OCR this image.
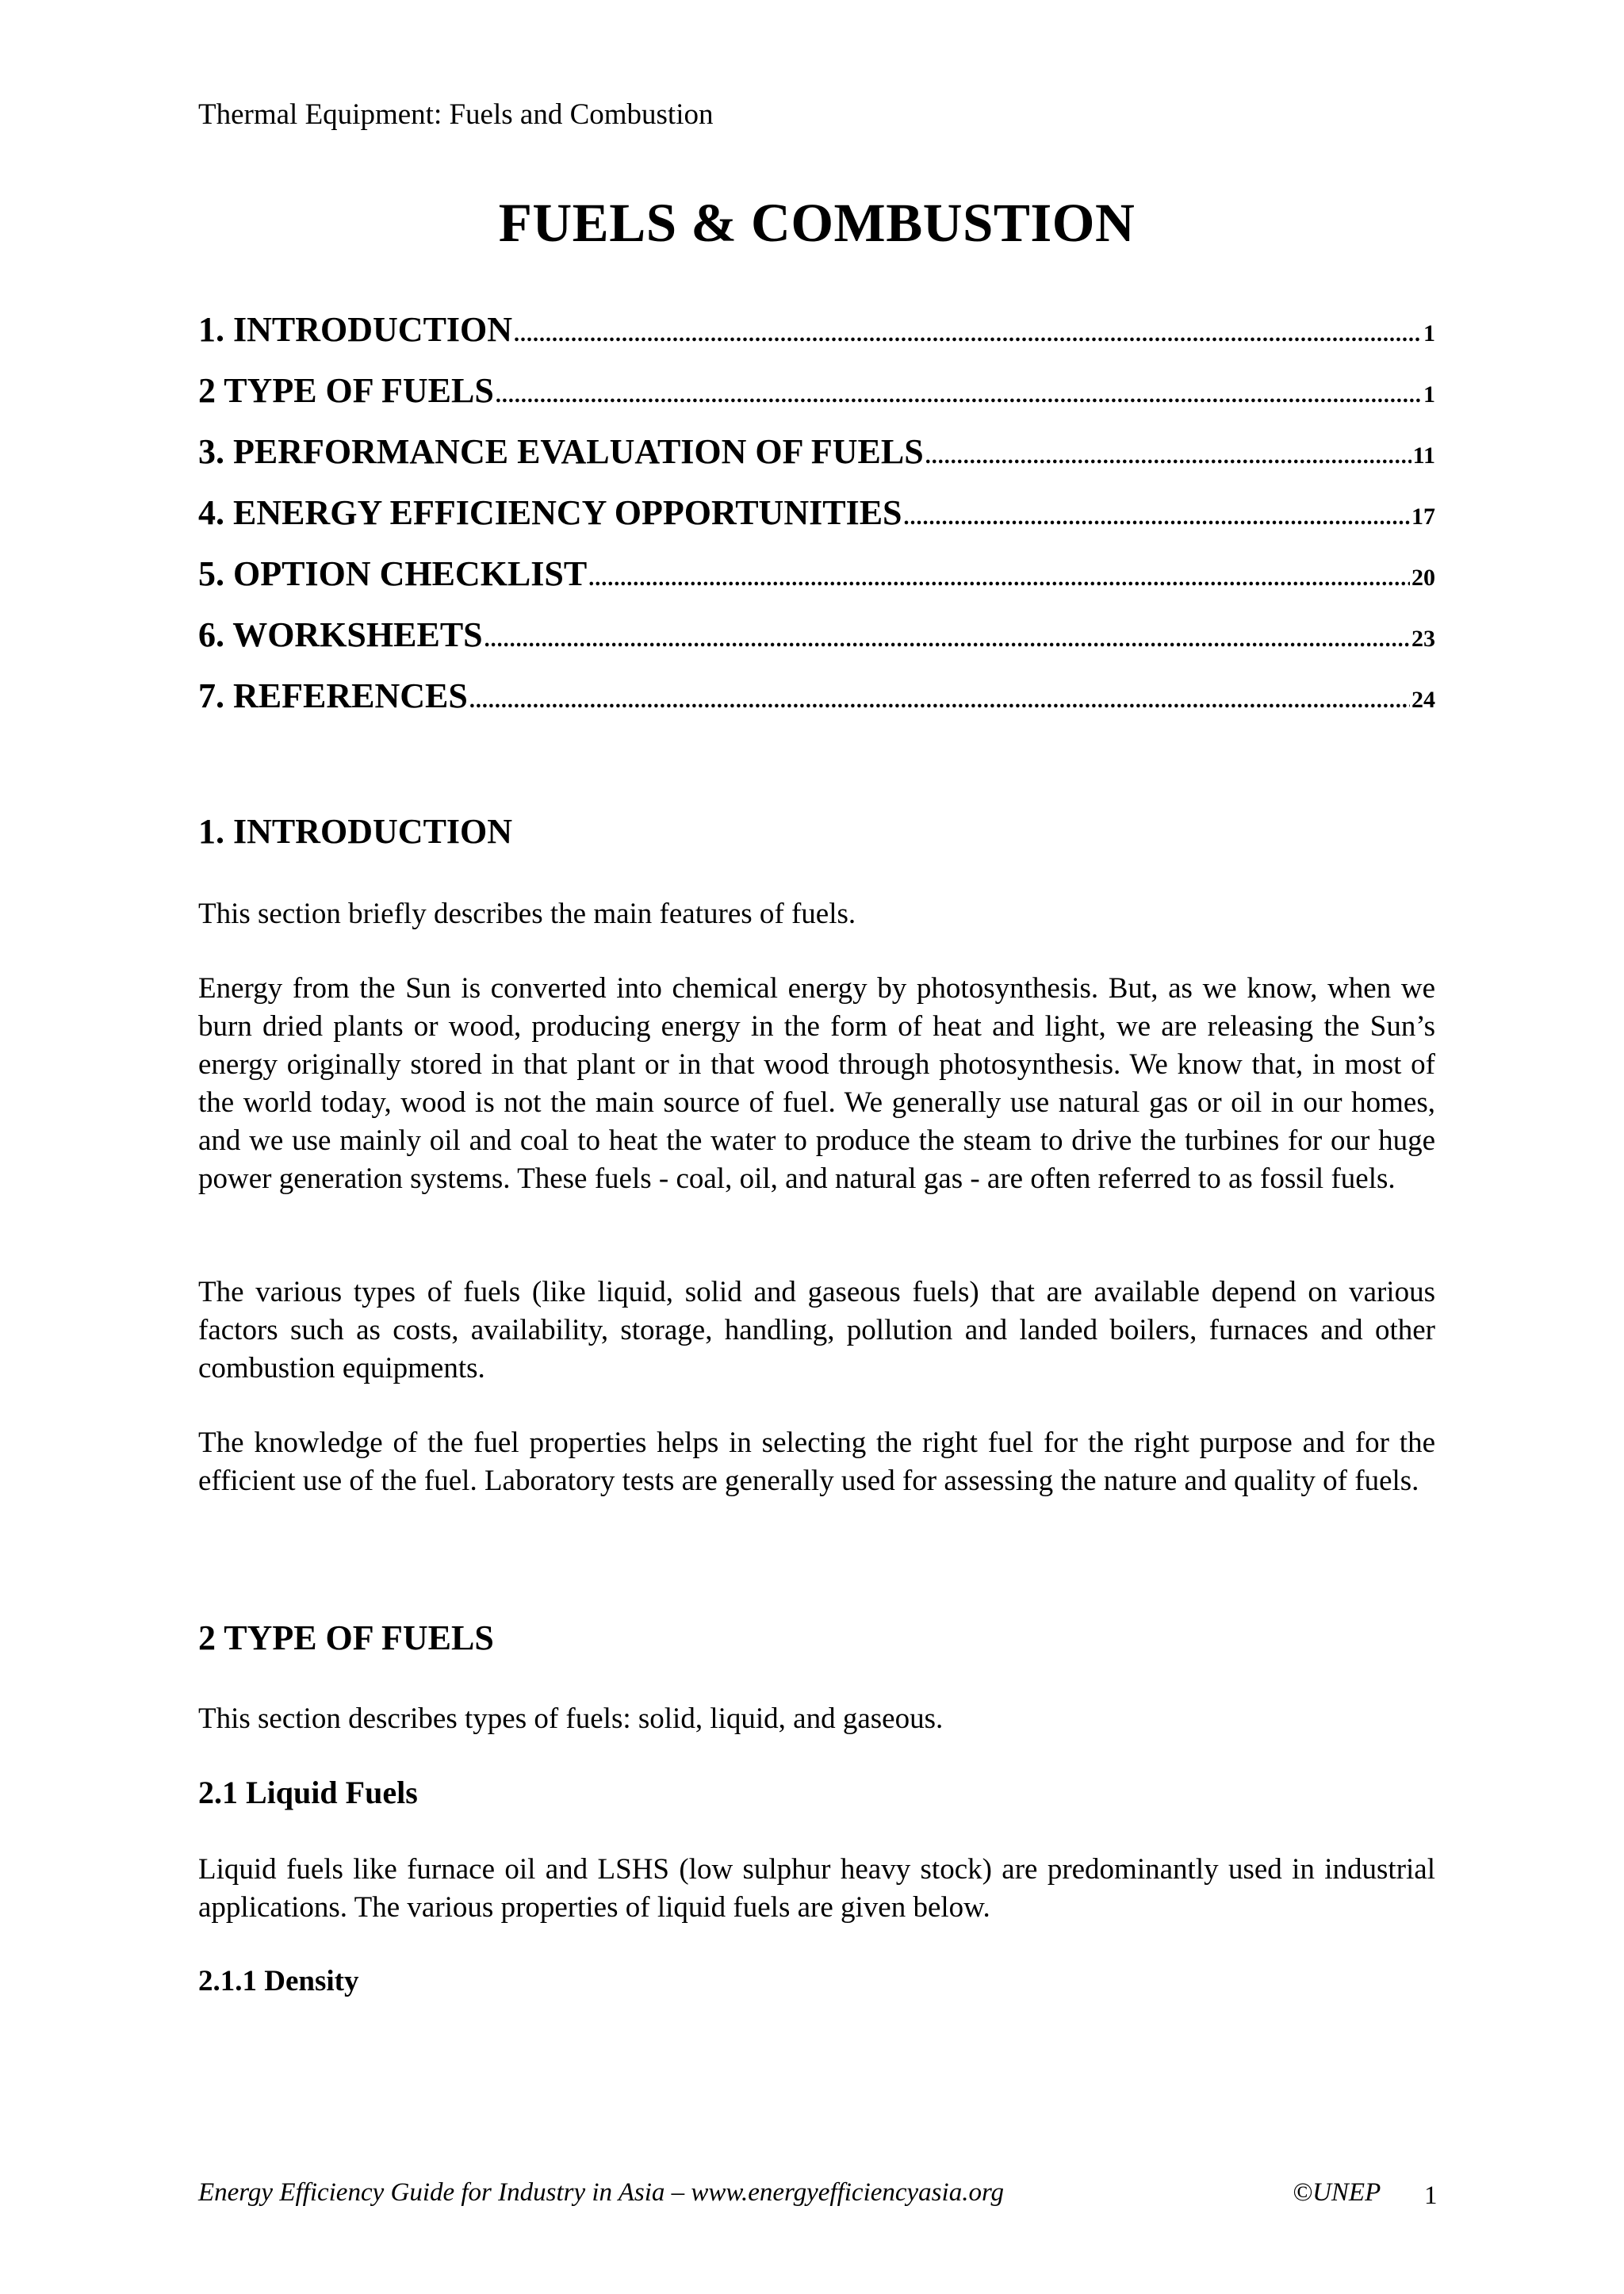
Thermal Equipment: Fuels and Combustion
FUELS & COMBUSTION
1. INTRODUCTION .....	1
2 TYPE OF FUELS .....	1
3. PERFORMANCE EVALUATION OF FUELS .....	11
4. ENERGY EFFICIENCY OPPORTUNITIES .....	17
5. OPTION CHECKLIST .....	20
6. WORKSHEETS .....	23
7. REFERENCES .....	24
1. INTRODUCTION

This section briefly describes the main features of fuels.

Energy from the Sun is converted into chemical energy by photosynthesis. But, as we know, when we burn dried plants or wood, producing energy in the form of heat and light, we are releasing the Sun’s energy originally stored in that plant or in that wood through photosynthesis. We know that, in most of the world today, wood is not the main source of fuel. We generally use natural gas or oil in our homes, and we use mainly oil and coal to heat the water to produce the steam to drive the turbines for our huge power generation systems. These fuels - coal, oil, and natural gas - are often referred to as fossil fuels.

The various types of fuels (like liquid, solid and gaseous fuels) that are available depend on various factors such as costs, availability, storage, handling, pollution and landed boilers, furnaces and other combustion equipments.

The knowledge of the fuel properties helps in selecting the right fuel for the right purpose and for the efficient use of the fuel. Laboratory tests are generally used for assessing the nature and quality of fuels.

2 TYPE OF FUELS

This section describes types of fuels: solid, liquid, and gaseous.

2.1 Liquid Fuels

Liquid fuels like furnace oil and LSHS (low sulphur heavy stock) are predominantly used in industrial applications. The various properties of liquid fuels are given below.

2.1.1 Density
Energy Efficiency Guide for Industry in Asia – www.energyefficiencyasia.org	©UNEP 1
